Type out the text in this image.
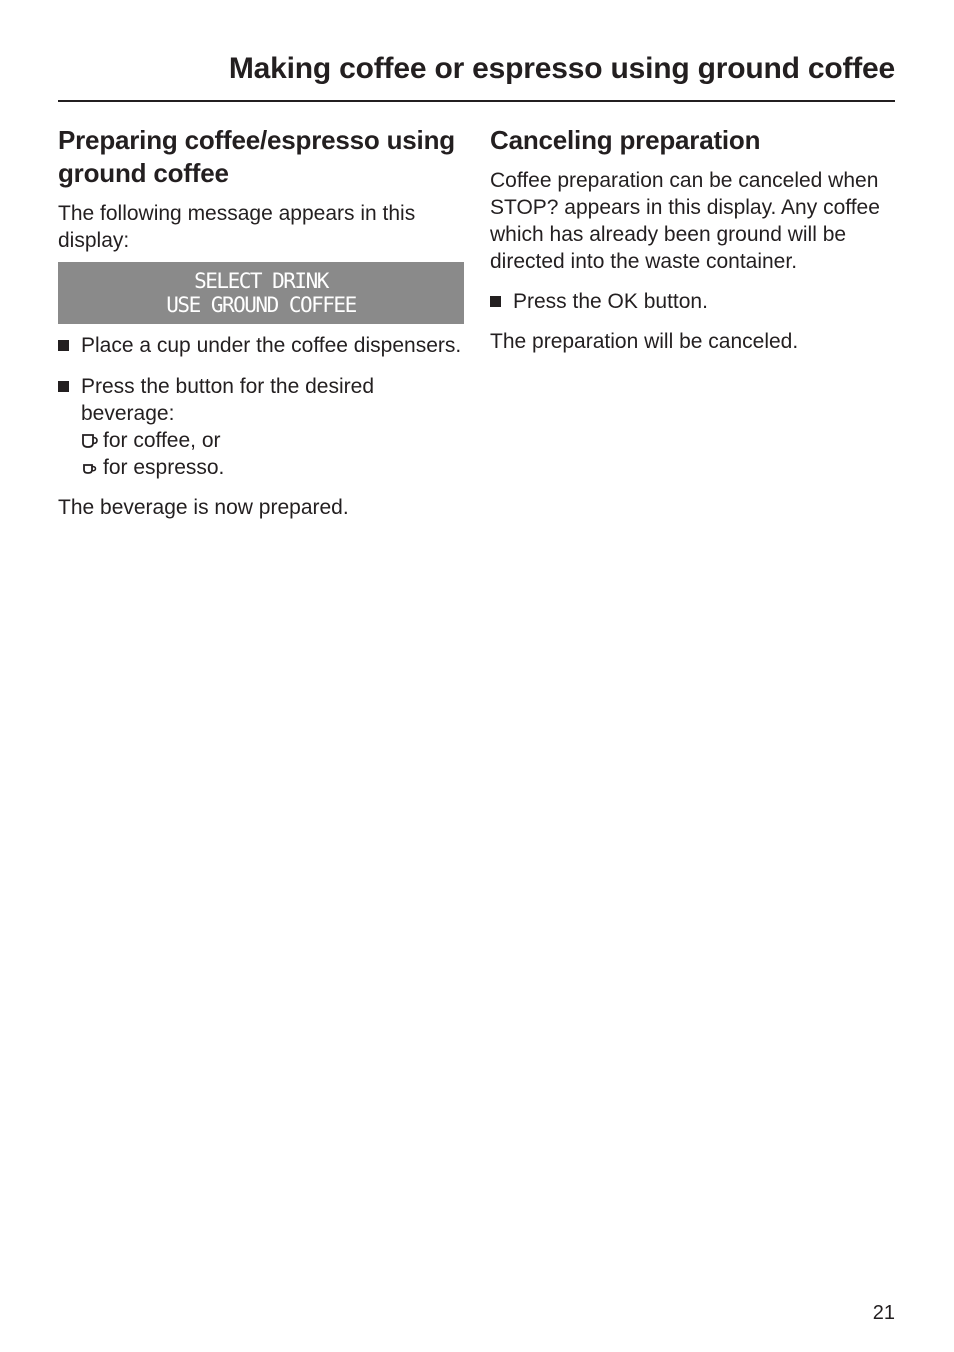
Making coffee or espresso using ground coffee
Preparing coffee/espresso using ground coffee

The following message appears in this display:

SELECT DRINK
USE GROUND COFFEE
Place a cup under the coffee dispensers.
Press the button for the desired beverage:
for coffee, or
for espresso.

The beverage is now prepared.

Canceling preparation

Coffee preparation can be canceled when STOP? appears in this display. Any coffee which has already been ground will be directed into the waste container.

Press the OK button.

The preparation will be canceled.

21
